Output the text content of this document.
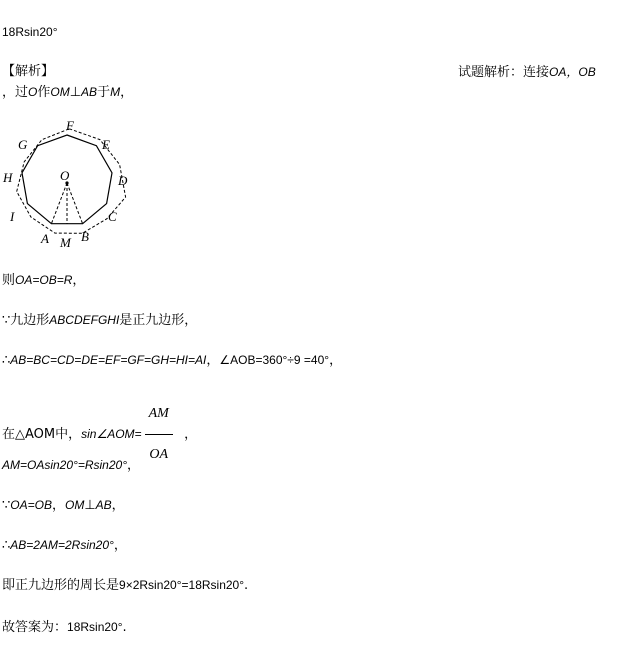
18Rsin20°
【解析】	试题解析：连接OA，OB
，过O作OM⊥AB于M，
O
F
E
D
C
B
M
A
I
H
G
则OA=OB=R，
∵九边形ABCDEFGHI是正九边形，
∴AB=BC=CD=DE=EF=GF=GH=HI=AI，∠AOB=360°÷9 =40°，
在△AOM中，sin∠AOM= $\frac{AM}{OA}$ ，
AM=OAsin20°=Rsin20°，
∵OA=OB，OM⊥AB，
∴AB=2AM=2Rsin20°，
即正九边形的周长是9×2Rsin20°=18Rsin20°.
故答案为：18Rsin20°.
